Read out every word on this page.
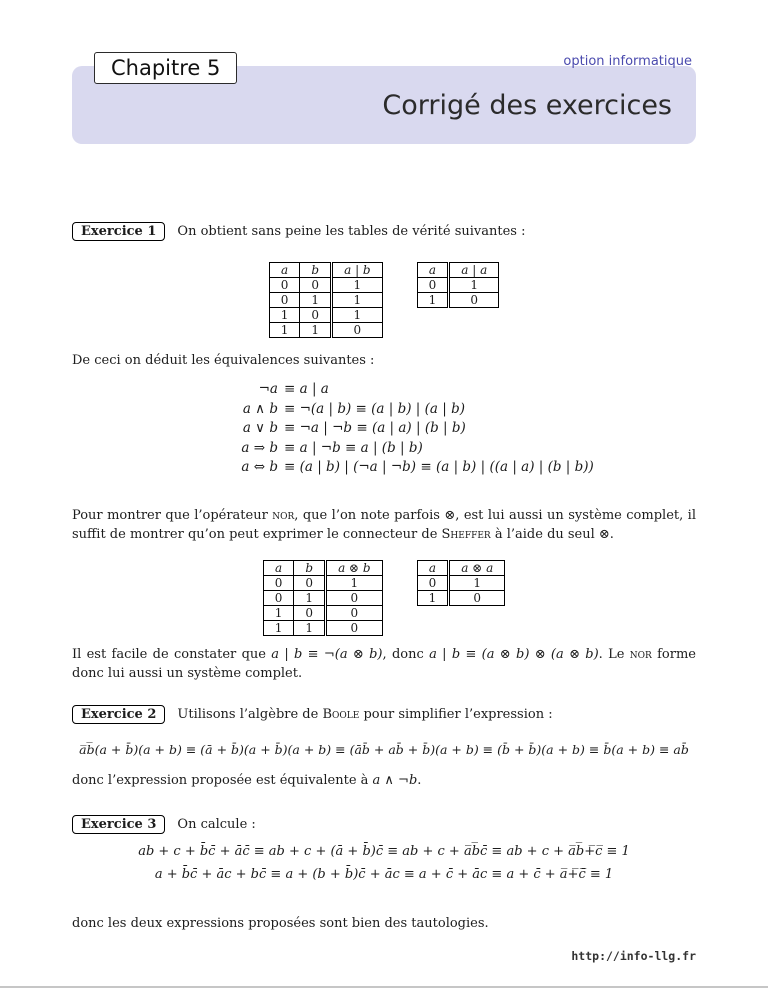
Chapitre 5	option informatique
Corrigé des exercices
Exercice 1	On obtient sans peine les tables de vérité suivantes :
a	b	a | b
0	0	1
0	1	1
1	0	1
1	1	0
a	a | a
0	1
1	0

De ceci on déduit les équivalences suivantes :

¬a ≡ a | a
a ∧ b ≡ ¬(a | b) ≡ (a | b) | (a | b)
a ∨ b ≡ ¬a | ¬b ≡ (a | a) | (b | b)
a ⇒ b ≡ a | ¬b ≡ a | (b | b)
a ⇔ b ≡ (a | b) | (¬a | ¬b) ≡ (a | b) | ((a | a) | (b | b))

Pour montrer que l’opérateur nor, que l’on note parfois ⊗, est lui aussi un système complet, il suffit de montrer qu’on peut exprimer le connecteur de Sheffer à l’aide du seul ⊗.

a	b	a ⊗ b
0	0	1
0	1	0
1	0	0
1	1	0
a	a ⊗ a
0	1
1	0

Il est facile de constater que a | b ≡ ¬(a ⊗ b), donc a | b ≡ (a ⊗ b) ⊗ (a ⊗ b). Le nor forme donc lui aussi un système complet.

Exercice 2	Utilisons l’algèbre de Boole pour simplifier l’expression :
a̅b̅(a + b̄)(a + b) ≡ (ā + b̄)(a + b̄)(a + b) ≡ (āb̄ + ab̄ + b̄)(a + b) ≡ (b̄ + b̄)(a + b) ≡ b̄(a + b) ≡ ab̄

donc l’expression proposée est équivalente à a ∧ ¬b.

Exercice 3	On calcule :
ab + c + b̄c̄ + āc̄ ≡ ab + c + (ā + b̄)c̄ ≡ ab + c + a̅b̅c̄ ≡ ab + c + a̅b̅+̅c̅ ≡ 1
a + b̄c̄ + āc + bc̄ ≡ a + (b + b̄)c̄ + āc ≡ a + c̄ + āc ≡ a + c̄ + a̅+̅c̄̅ ≡ 1

donc les deux expressions proposées sont bien des tautologies.

http://info-llg.fr
